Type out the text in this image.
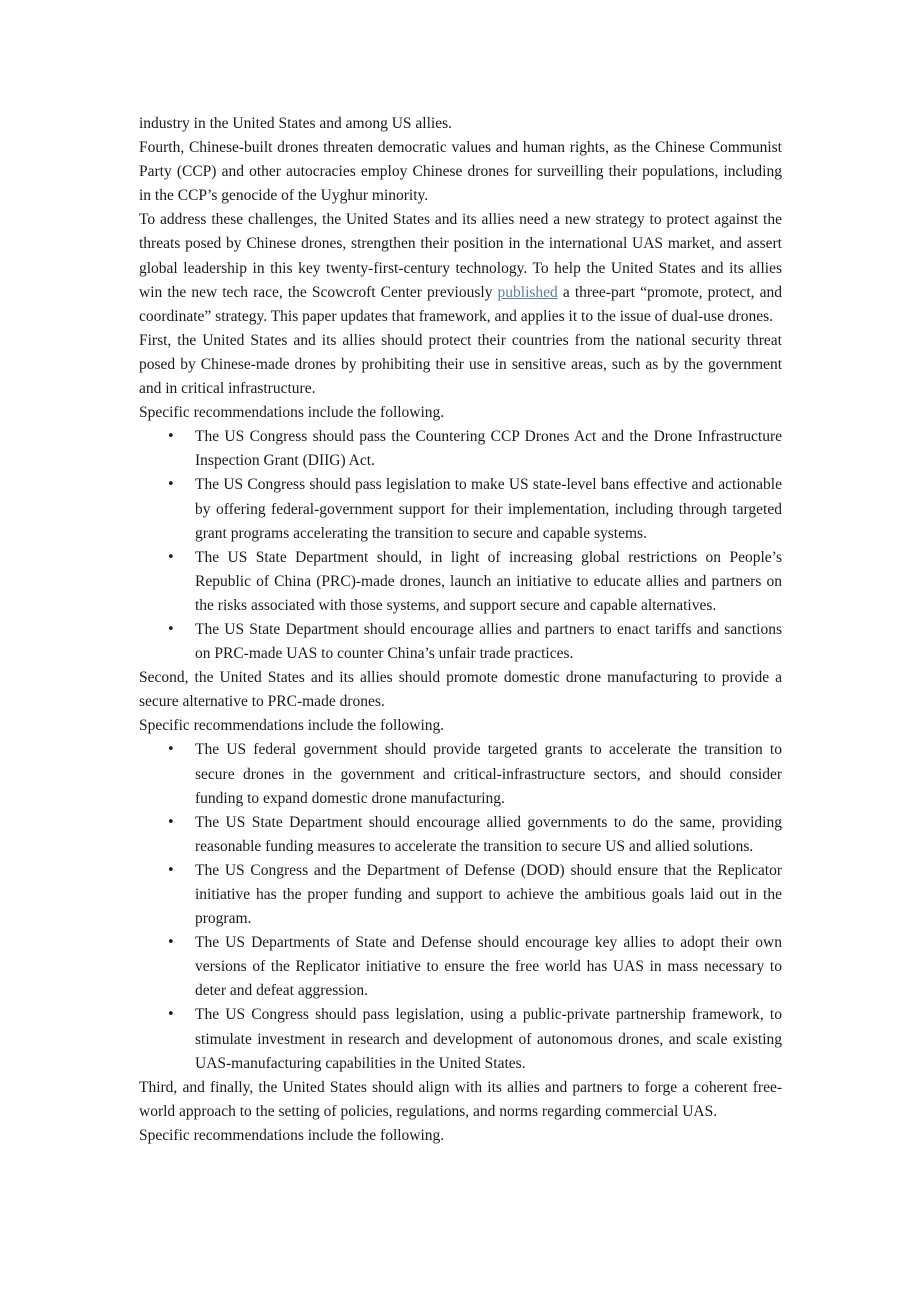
industry in the United States and among US allies.

Fourth, Chinese-built drones threaten democratic values and human rights, as the Chinese Communist Party (CCP) and other autocracies employ Chinese drones for surveilling their populations, including in the CCP’s genocide of the Uyghur minority.

To address these challenges, the United States and its allies need a new strategy to protect against the threats posed by Chinese drones, strengthen their position in the international UAS market, and assert global leadership in this key twenty-first-century technology. To help the United States and its allies win the new tech race, the Scowcroft Center previously published a three-part “promote, protect, and coordinate” strategy. This paper updates that framework, and applies it to the issue of dual-use drones.

First, the United States and its allies should protect their countries from the national security threat posed by Chinese-made drones by prohibiting their use in sensitive areas, such as by the government and in critical infrastructure.

Specific recommendations include the following.

• The US Congress should pass the Countering CCP Drones Act and the Drone Infrastructure Inspection Grant (DIIG) Act.
• The US Congress should pass legislation to make US state-level bans effective and actionable by offering federal-government support for their implementation, including through targeted grant programs accelerating the transition to secure and capable systems.
• The US State Department should, in light of increasing global restrictions on People’s Republic of China (PRC)-made drones, launch an initiative to educate allies and partners on the risks associated with those systems, and support secure and capable alternatives.
• The US State Department should encourage allies and partners to enact tariffs and sanctions on PRC-made UAS to counter China’s unfair trade practices.

Second, the United States and its allies should promote domestic drone manufacturing to provide a secure alternative to PRC-made drones.

Specific recommendations include the following.

• The US federal government should provide targeted grants to accelerate the transition to secure drones in the government and critical-infrastructure sectors, and should consider funding to expand domestic drone manufacturing.
• The US State Department should encourage allied governments to do the same, providing reasonable funding measures to accelerate the transition to secure US and allied solutions.
• The US Congress and the Department of Defense (DOD) should ensure that the Replicator initiative has the proper funding and support to achieve the ambitious goals laid out in the program.
• The US Departments of State and Defense should encourage key allies to adopt their own versions of the Replicator initiative to ensure the free world has UAS in mass necessary to deter and defeat aggression.
• The US Congress should pass legislation, using a public-private partnership framework, to stimulate investment in research and development of autonomous drones, and scale existing UAS-manufacturing capabilities in the United States.

Third, and finally, the United States should align with its allies and partners to forge a coherent free-world approach to the setting of policies, regulations, and norms regarding commercial UAS.

Specific recommendations include the following.
